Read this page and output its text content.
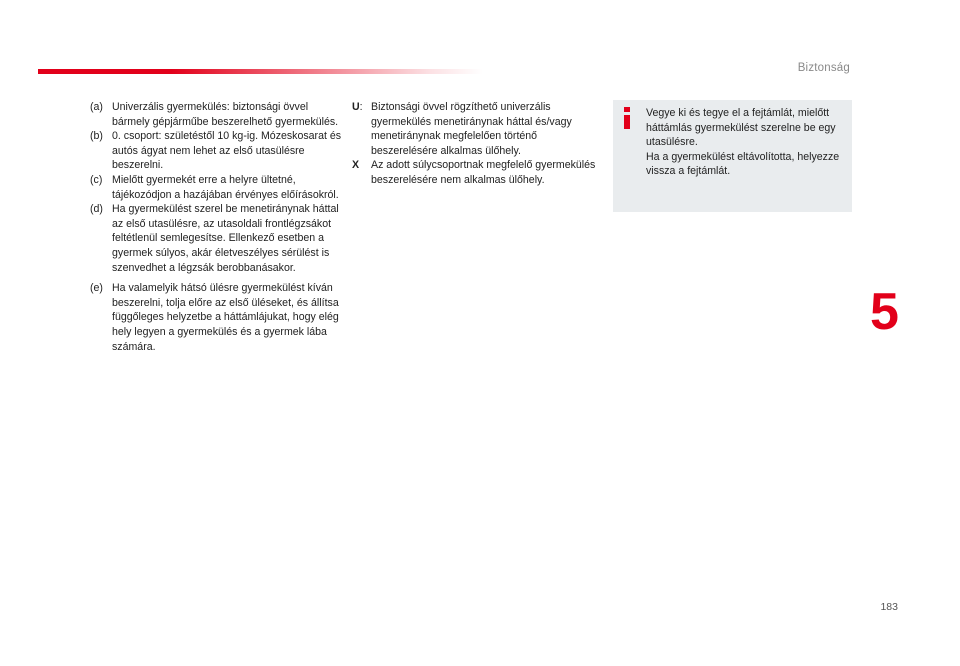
Biztonság
(a) Univerzális gyermekülés: biztonsági övvel bármely gépjárműbe beszerelhető gyermekülés.
(b) 0. csoport: születéstől 10 kg-ig. Mózeskosarat és autós ágyat nem lehet az első utasülésre beszerelni.
(c) Mielőtt gyermekét erre a helyre ültetné, tájékozódjon a hazájában érvényes előírásokról.
(d) Ha gyermekülést szerel be menetiránynak háttal az első utasülésre, az utasoldali frontlégzsákot feltétlenül semlegesítse. Ellenkező esetben a gyermek súlyos, akár életveszélyes sérülést is szenvedhet a légzsák berobbanásakor.
(e) Ha valamelyik hátsó ülésre gyermekülést kíván beszerelni, tolja előre az első üléseket, és állítsa függőleges helyzetbe a háttámlájukat, hogy elég hely legyen a gyermekülés és a gyermek lába számára.
U: Biztonsági övvel rögzíthető univerzális gyermekülés menetiránynak háttal és/vagy menetiránynak megfelelően történő beszerelésére alkalmas ülőhely.
X	Az adott súlycsoportnak megfelelő gyermekülés beszerelésére nem alkalmas ülőhely.
Vegye ki és tegye el a fejtámlát, mielőtt háttámlás gyermekülést szerelne be egy utasülésre.
Ha a gyermekülést eltávolította, helyezze vissza a fejtámlát.
5
183
